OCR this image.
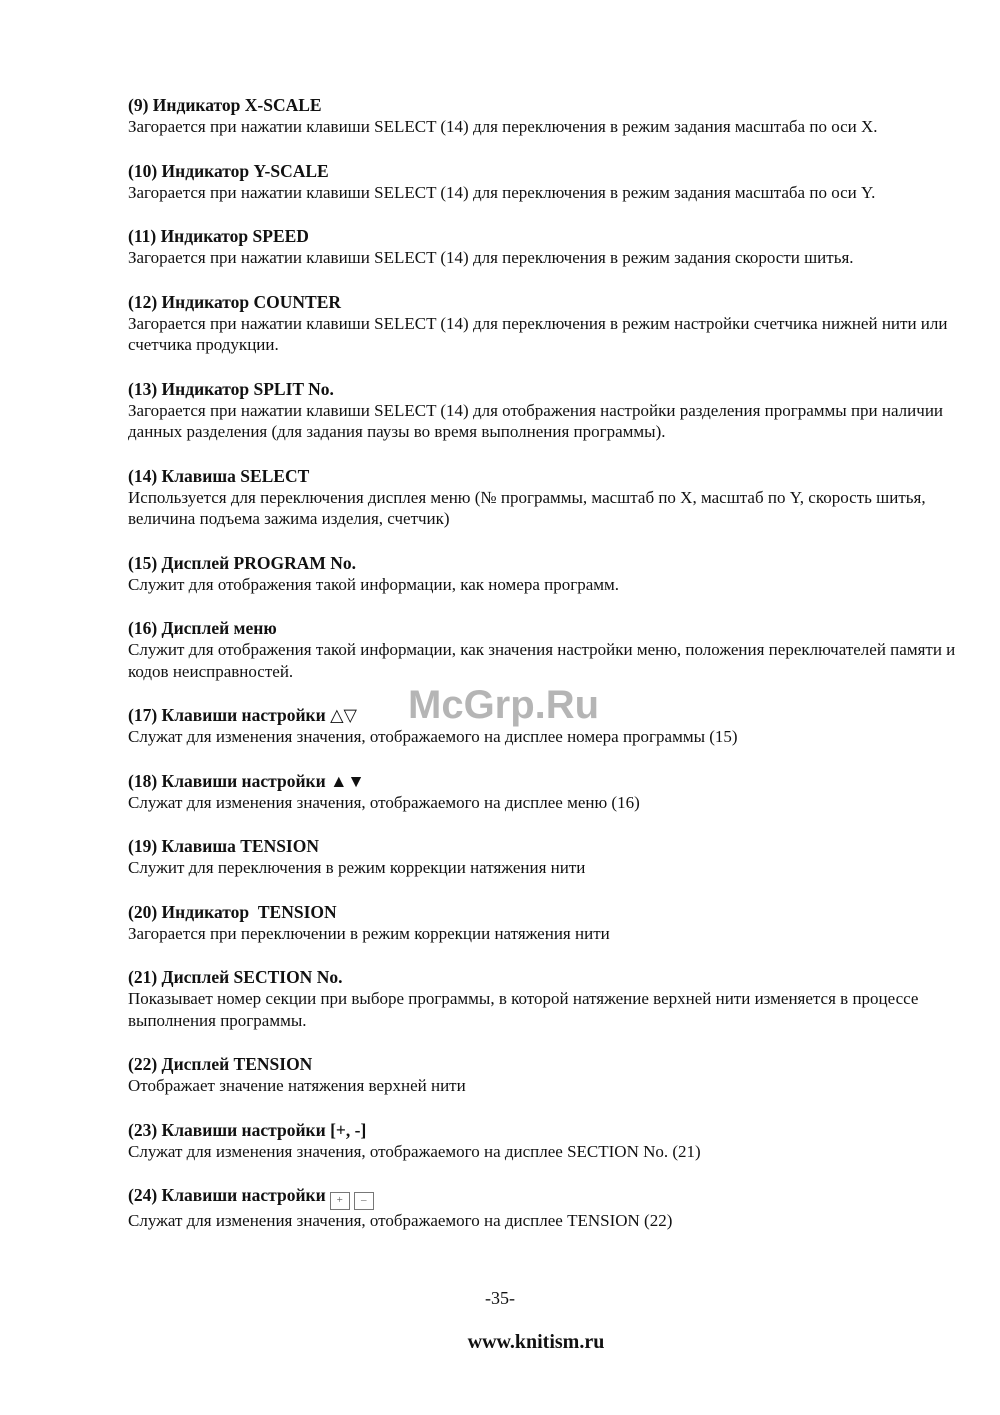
(9) Индикатор X-SCALE

Загорается при нажатии клавиши SELECT (14) для переключения в режим задания масштаба по оси X.

(10) Индикатор Y-SCALE

Загорается при нажатии клавиши SELECT (14) для переключения в режим задания масштаба по оси Y.

(11) Индикатор SPEED

Загорается при нажатии клавиши SELECT (14) для переключения в режим задания скорости шитья.

(12) Индикатор COUNTER

Загорается при нажатии клавиши SELECT (14) для переключения в режим настройки счетчика нижней нити или счетчика продукции.

(13) Индикатор SPLIT No.

Загорается при нажатии клавиши SELECT (14) для отображения настройки разделения программы при наличии данных разделения (для задания паузы во время выполнения программы).

(14) Клавиша SELECT

Используется для переключения дисплея меню (№ программы, масштаб по X, масштаб по Y, скорость шитья, величина подъема зажима изделия, счетчик)

(15) Дисплей PROGRAM No.

Служит для отображения такой информации, как номера программ.

(16) Дисплей меню

Служит для отображения такой информации, как значения настройки меню, положения переключателей памяти и кодов неисправностей.

(17) Клавиши настройки △▽

Служат для изменения значения, отображаемого на дисплее номера программы (15)

(18) Клавиши настройки ▲▼

Служат для изменения значения, отображаемого на дисплее меню (16)

(19) Клавиша TENSION

Служит для переключения в режим коррекции натяжения нити

(20) Индикатор  TENSION

Загорается при переключении в режим коррекции натяжения нити

(21) Дисплей SECTION No.

Показывает номер секции при выборе программы, в которой натяжение верхней нити изменяется в процессе выполнения программы.

(22) Дисплей TENSION

Отображает значение натяжения верхней нити

(23) Клавиши настройки [+, -]

Служат для изменения значения, отображаемого на дисплее SECTION No. (21)

(24) Клавиши настройки + –

Служат для изменения значения, отображаемого на дисплее TENSION (22)

McGrp.Ru
-35-
www.knitism.ru
